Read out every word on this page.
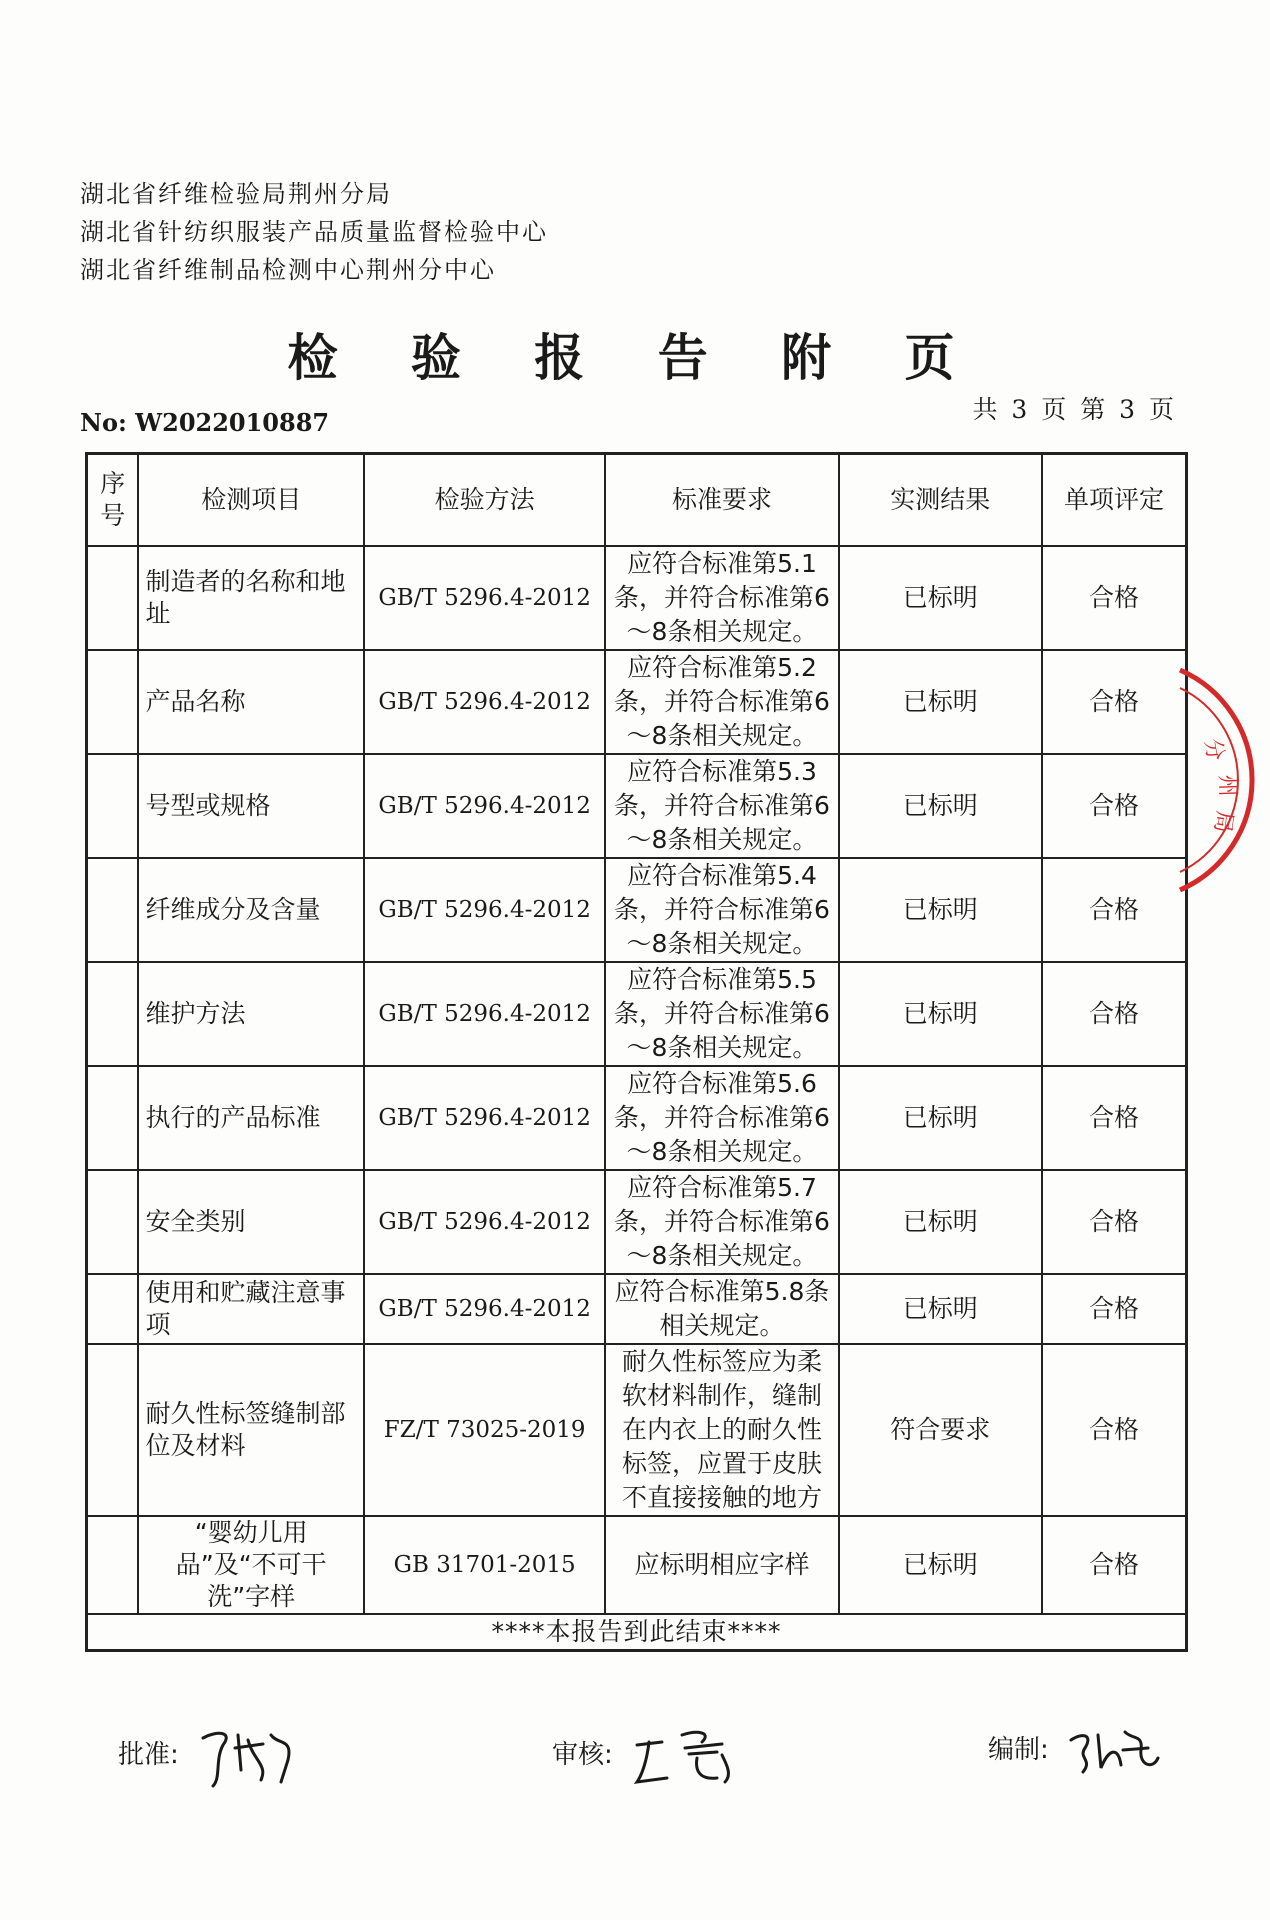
湖北省纤维检验局荆州分局
湖北省针纺织服装产品质量监督检验中心
湖北省纤维制品检测中心荆州分中心
检 验 报 告 附 页
共 3 页 第 3 页
No: W2022010887
序号	检测项目	检验方法	标准要求	实测结果	单项评定
	制造者的名称和地址	GB/T 5296.4-2012	应符合标准第5.1条，并符合标准第6～8条相关规定。	已标明	合格
	产品名称	GB/T 5296.4-2012	应符合标准第5.2条，并符合标准第6～8条相关规定。	已标明	合格
	号型或规格	GB/T 5296.4-2012	应符合标准第5.3条，并符合标准第6～8条相关规定。	已标明	合格
	纤维成分及含量	GB/T 5296.4-2012	应符合标准第5.4条，并符合标准第6～8条相关规定。	已标明	合格
	维护方法	GB/T 5296.4-2012	应符合标准第5.5条，并符合标准第6～8条相关规定。	已标明	合格
	执行的产品标准	GB/T 5296.4-2012	应符合标准第5.6条，并符合标准第6～8条相关规定。	已标明	合格
	安全类别	GB/T 5296.4-2012	应符合标准第5.7条，并符合标准第6～8条相关规定。	已标明	合格
	使用和贮藏注意事项	GB/T 5296.4-2012	应符合标准第5.8条相关规定。	已标明	合格
	耐久性标签缝制部位及材料	FZ/T 73025-2019	耐久性标签应为柔软材料制作，缝制在内衣上的耐久性标签，应置于皮肤不直接接触的地方	符合要求	合格
	“婴幼儿用品”及“不可干洗”字样	GB 31701-2015	应标明相应字样	已标明	合格
****本报告到此结束****					
分
州
局
批准:	审核:	编制:
